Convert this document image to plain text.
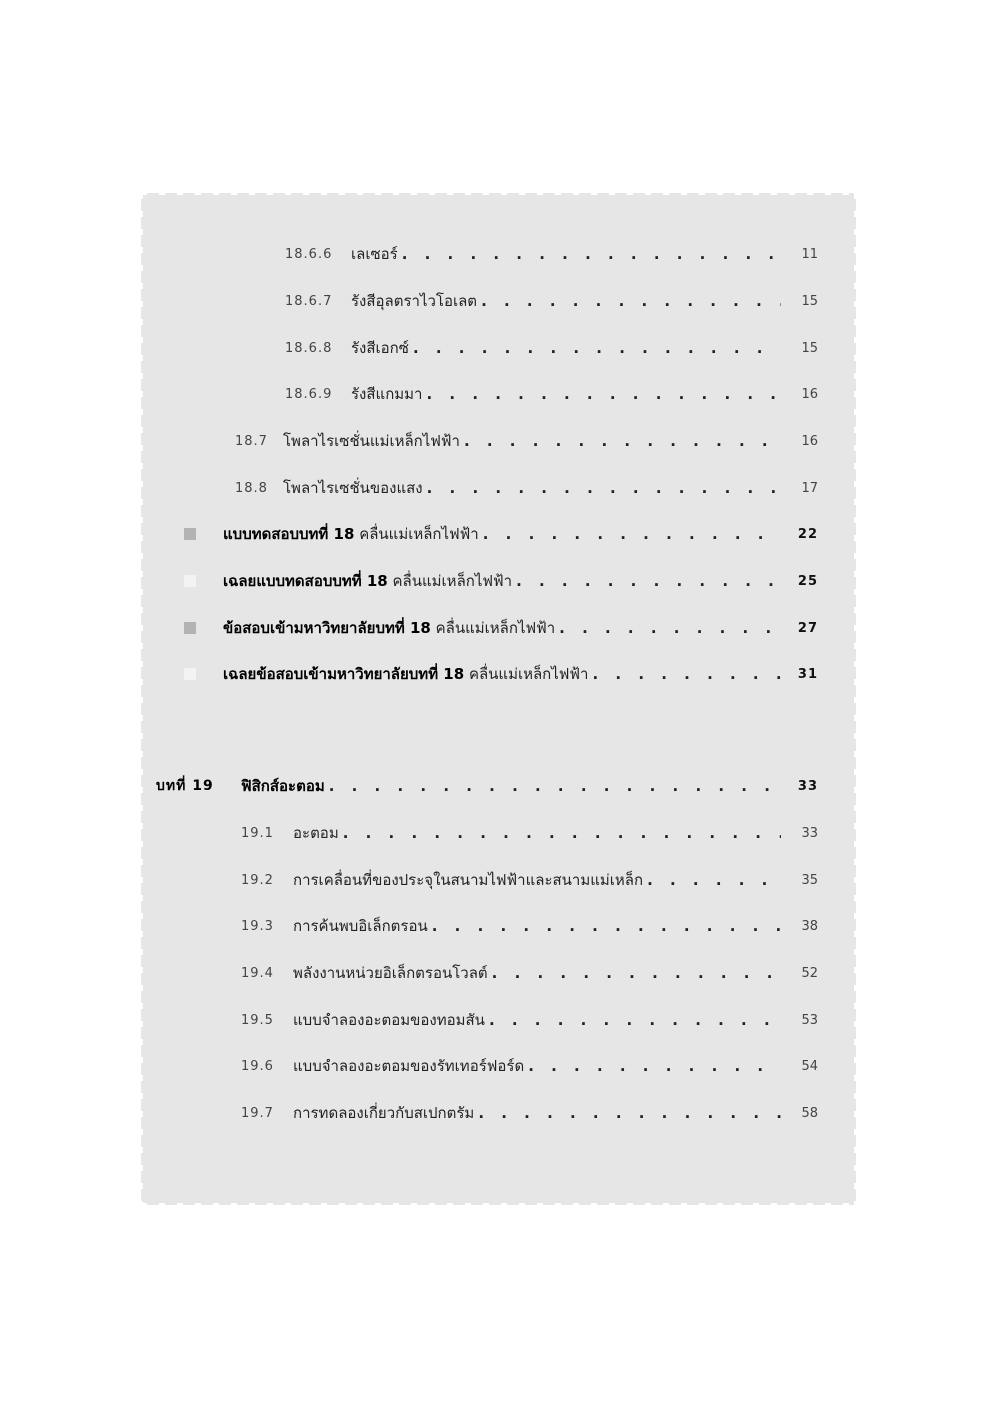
18.6.6 เลเซอร์ . . .	11
18.6.7 รังสีอุลตราไวโอเลต . . .	15
18.6.8 รังสีเอกซ์ . . .	15
18.6.9 รังสีแกมมา . . .	16
18.7 โพลาไรเซชั่นแม่เหล็กไฟฟ้า . . .	16
18.8 โพลาไรเซชั่นของแสง . . .	17
แบบทดสอบบทที่ 18 คลื่นแม่เหล็กไฟฟ้า . . .	22
เฉลยแบบทดสอบบทที่ 18 คลื่นแม่เหล็กไฟฟ้า . . .	25
ข้อสอบเข้ามหาวิทยาลัยบทที่ 18 คลื่นแม่เหล็กไฟฟ้า . . .	27
เฉลยข้อสอบเข้ามหาวิทยาลัยบทที่ 18 คลื่นแม่เหล็กไฟฟ้า . . .	31
บทที่ 19 ฟิสิกส์อะตอม . . .	33
19.1 อะตอม . . .	33
19.2 การเคลื่อนที่ของประจุในสนามไฟฟ้าและสนามแม่เหล็ก . . .	35
19.3 การค้นพบอิเล็กตรอน . . .	38
19.4 พลังงานหน่วยอิเล็กตรอนโวลต์ . . .	52
19.5 แบบจำลองอะตอมของทอมสัน . . .	53
19.6 แบบจำลองอะตอมของรัทเทอร์ฟอร์ด . . .	54
19.7 การทดลองเกี่ยวกับสเปกตรัม . . .	58
